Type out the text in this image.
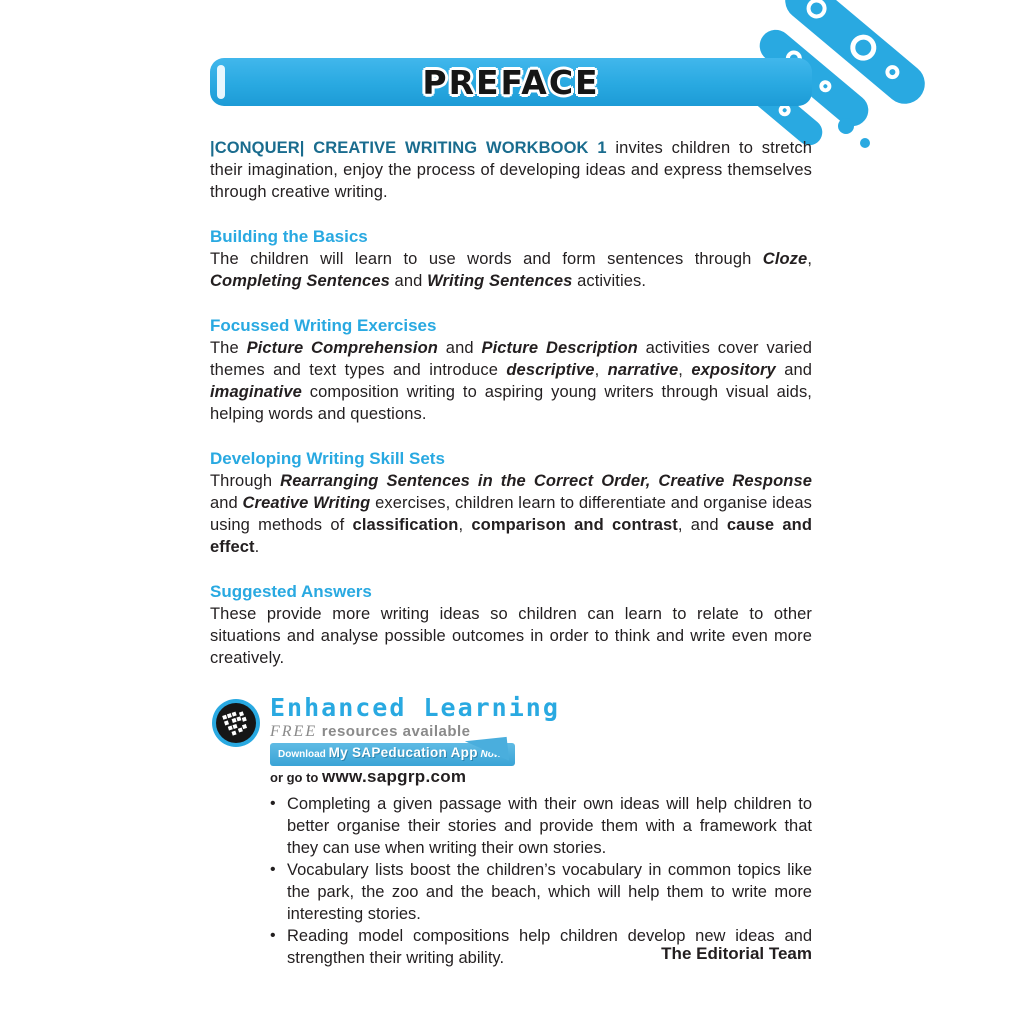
PREFACE

|CONQUER| CREATIVE WRITING WORKBOOK 1 invites children to stretch their imagination, enjoy the process of developing ideas and express themselves through creative writing.

Building the Basics

The children will learn to use words and form sentences through Cloze, Completing Sentences and Writing Sentences activities.

Focussed Writing Exercises

The Picture Comprehension and Picture Description activities cover varied themes and text types and introduce descriptive, narrative, expository and imaginative composition writing to aspiring young writers through visual aids, helping words and questions.

Developing Writing Skill Sets

Through Rearranging Sentences in the Correct Order, Creative Response and Creative Writing exercises, children learn to differentiate and organise ideas using methods of classification, comparison and contrast, and cause and effect.

Suggested Answers

These provide more writing ideas so children can learn to relate to other situations and analyse possible outcomes in order to think and write even more creatively.

Enhanced Learning
FREE resources available
Download My SAPeducation App Now!
or go to www.sapgrp.com
• Completing a given passage with their own ideas will help children to better organise their stories and provide them with a framework that they can use when writing their own stories.
• Vocabulary lists boost the children’s vocabulary in common topics like the park, the zoo and the beach, which will help them to write more interesting stories.
• Reading model compositions help children develop new ideas and strengthen their writing ability.	The Editorial Team
